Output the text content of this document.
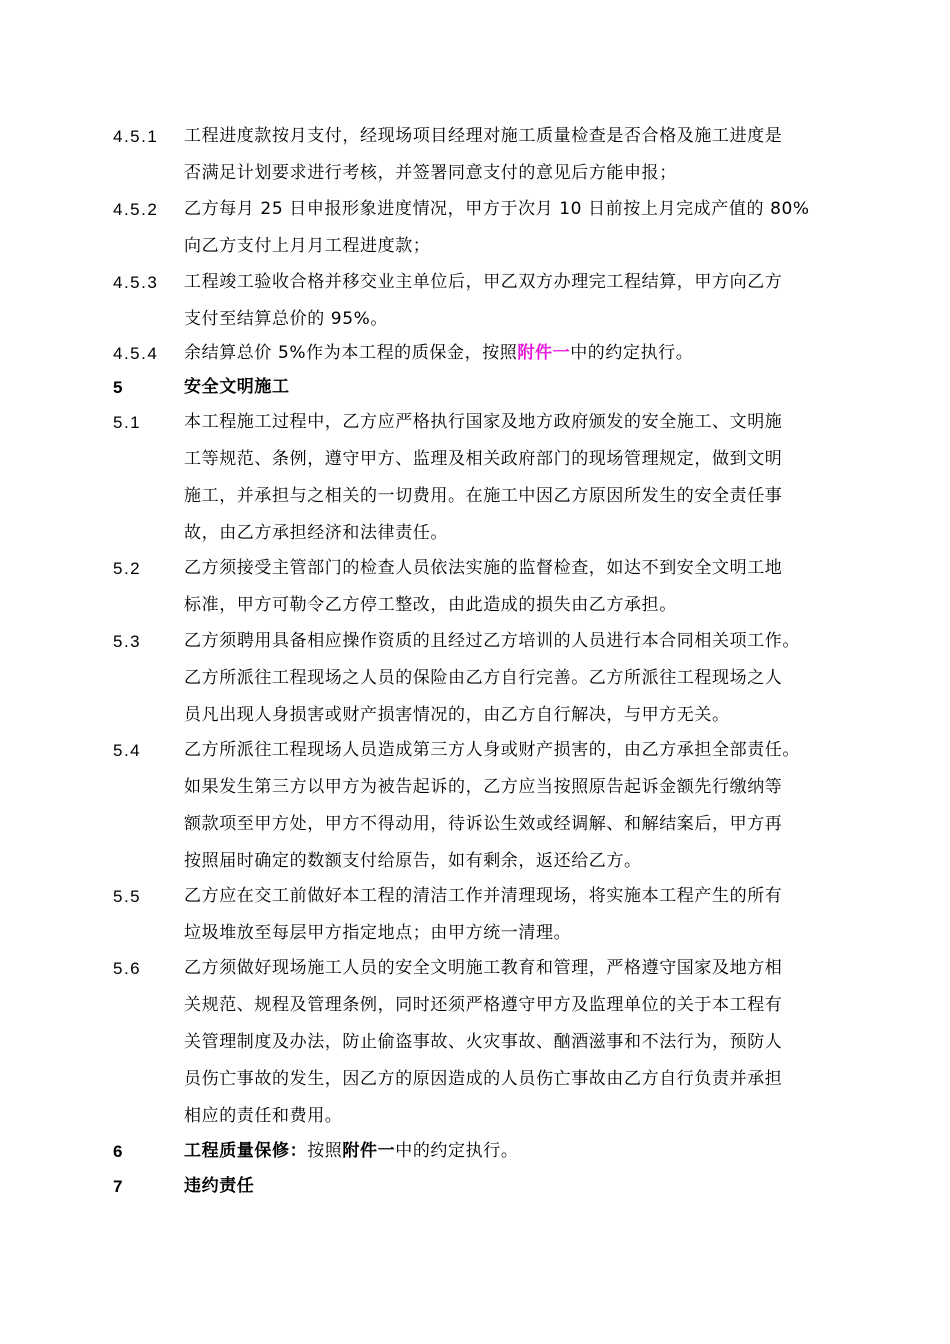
4.5.1 工程进度款按月支付，经现场项目经理对施工质量检查是否合格及施工进度是

否满足计划要求进行考核，并签署同意支付的意见后方能申报；

4.5.2 乙方每月 25 日申报形象进度情况，甲方于次月 10 日前按上月完成产值的 80%

向乙方支付上月月工程进度款；

4.5.3 工程竣工验收合格并移交业主单位后，甲乙双方办理完工程结算，甲方向乙方

支付至结算总价的 95%。

4.5.4 余结算总价 5%作为本工程的质保金，按照附件一中的约定执行。

5	安全文明施工

5.1	本工程施工过程中，乙方应严格执行国家及地方政府颁发的安全施工、文明施

工等规范、条例，遵守甲方、监理及相关政府部门的现场管理规定，做到文明

施工，并承担与之相关的一切费用。在施工中因乙方原因所发生的安全责任事

故，由乙方承担经济和法律责任。

5.2	乙方须接受主管部门的检查人员依法实施的监督检查，如达不到安全文明工地

标准，甲方可勒令乙方停工整改，由此造成的损失由乙方承担。

5.3	乙方须聘用具备相应操作资质的且经过乙方培训的人员进行本合同相关项工作。

乙方所派往工程现场之人员的保险由乙方自行完善。乙方所派往工程现场之人

员凡出现人身损害或财产损害情况的，由乙方自行解决，与甲方无关。

5.4	乙方所派往工程现场人员造成第三方人身或财产损害的，由乙方承担全部责任。

如果发生第三方以甲方为被告起诉的，乙方应当按照原告起诉金额先行缴纳等

额款项至甲方处，甲方不得动用，待诉讼生效或经调解、和解结案后，甲方再

按照届时确定的数额支付给原告，如有剩余，返还给乙方。

5.5	乙方应在交工前做好本工程的清洁工作并清理现场，将实施本工程产生的所有

垃圾堆放至每层甲方指定地点；由甲方统一清理。

5.6	乙方须做好现场施工人员的安全文明施工教育和管理，严格遵守国家及地方相

关规范、规程及管理条例，同时还须严格遵守甲方及监理单位的关于本工程有

关管理制度及办法，防止偷盗事故、火灾事故、酗酒滋事和不法行为，预防人

员伤亡事故的发生，因乙方的原因造成的人员伤亡事故由乙方自行负责并承担

相应的责任和费用。

6	工程质量保修：按照附件一中的约定执行。

7	违约责任
